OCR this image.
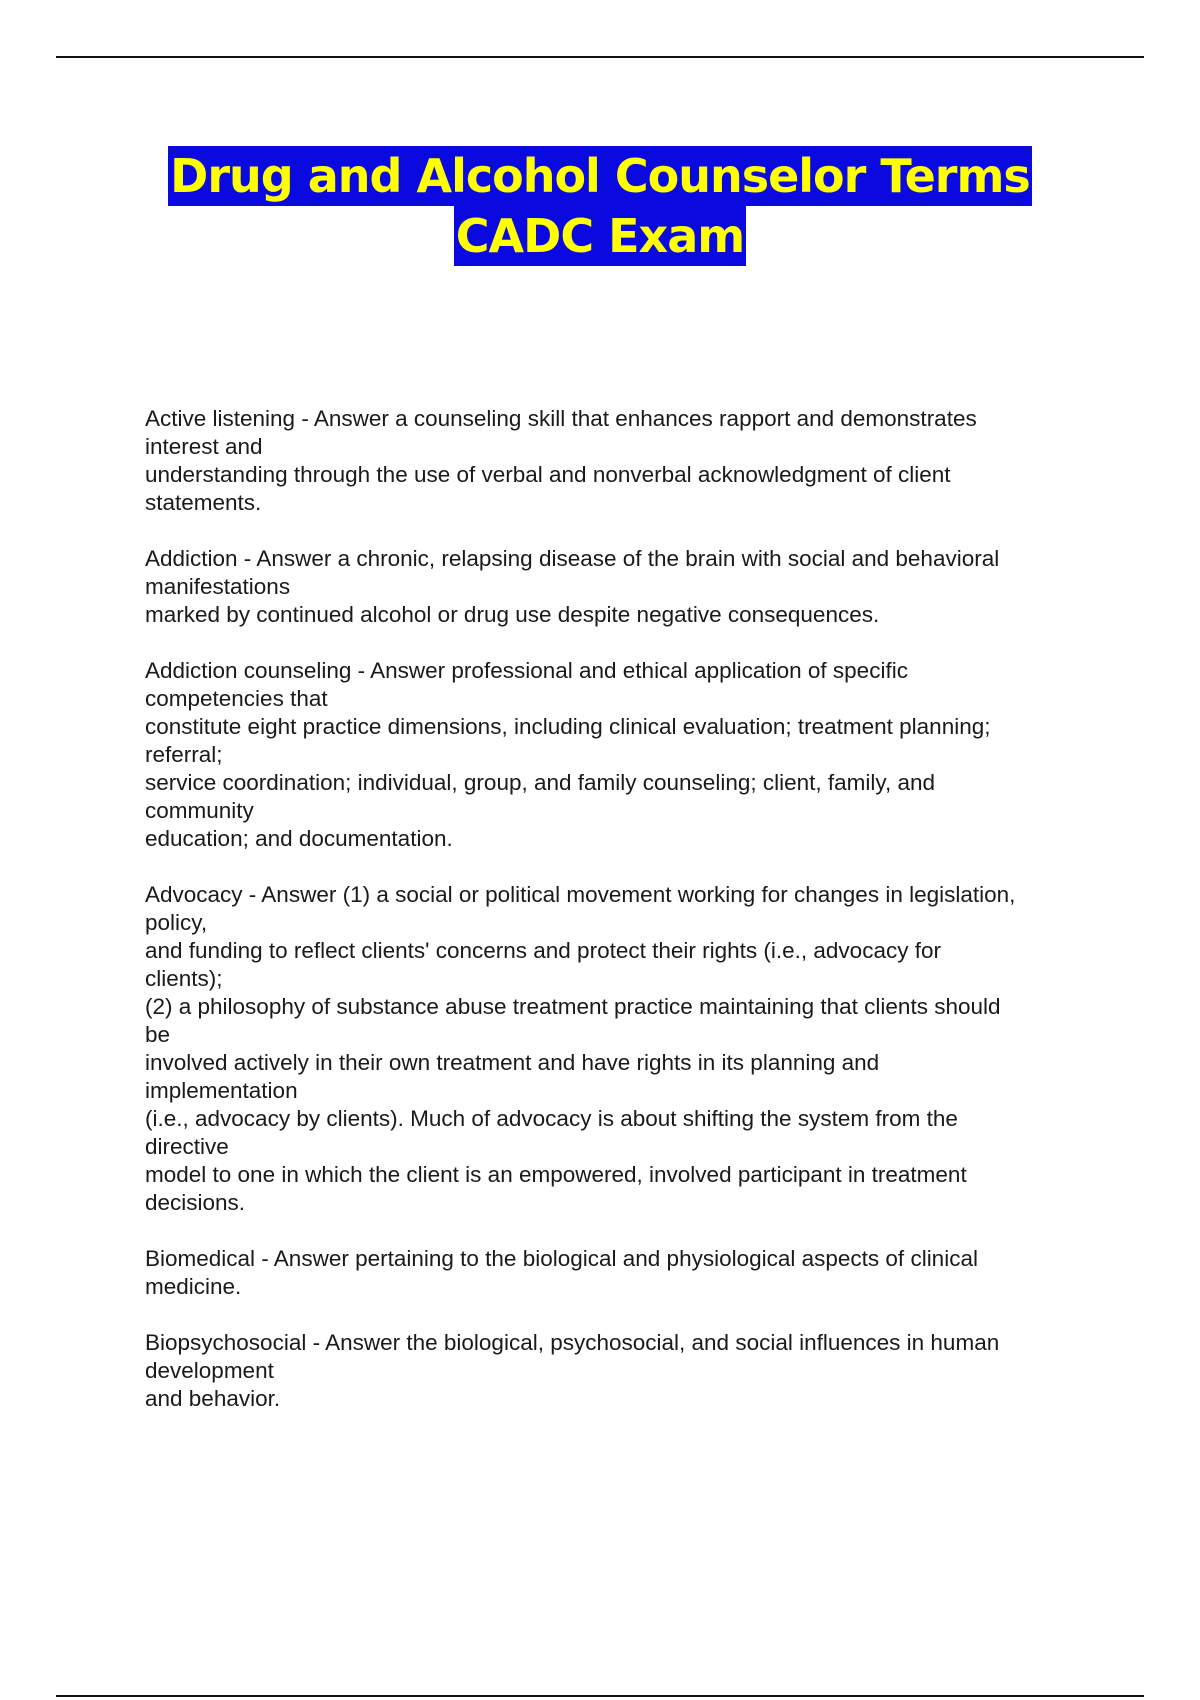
Drug and Alcohol Counselor Terms
CADC Exam
Active listening - Answer a counseling skill that enhances rapport and demonstrates
interest and
understanding through the use of verbal and nonverbal acknowledgment of client
statements.
Addiction - Answer a chronic, relapsing disease of the brain with social and behavioral
manifestations
marked by continued alcohol or drug use despite negative consequences.
Addiction counseling - Answer professional and ethical application of specific
competencies that
constitute eight practice dimensions, including clinical evaluation; treatment planning;
referral;
service coordination; individual, group, and family counseling; client, family, and
community
education; and documentation.
Advocacy - Answer (1) a social or political movement working for changes in legislation,
policy,
and funding to reflect clients' concerns and protect their rights (i.e., advocacy for
clients);
(2) a philosophy of substance abuse treatment practice maintaining that clients should
be
involved actively in their own treatment and have rights in its planning and
implementation
(i.e., advocacy by clients). Much of advocacy is about shifting the system from the
directive
model to one in which the client is an empowered, involved participant in treatment
decisions.
Biomedical - Answer pertaining to the biological and physiological aspects of clinical
medicine.
Biopsychosocial - Answer the biological, psychosocial, and social influences in human
development
and behavior.
